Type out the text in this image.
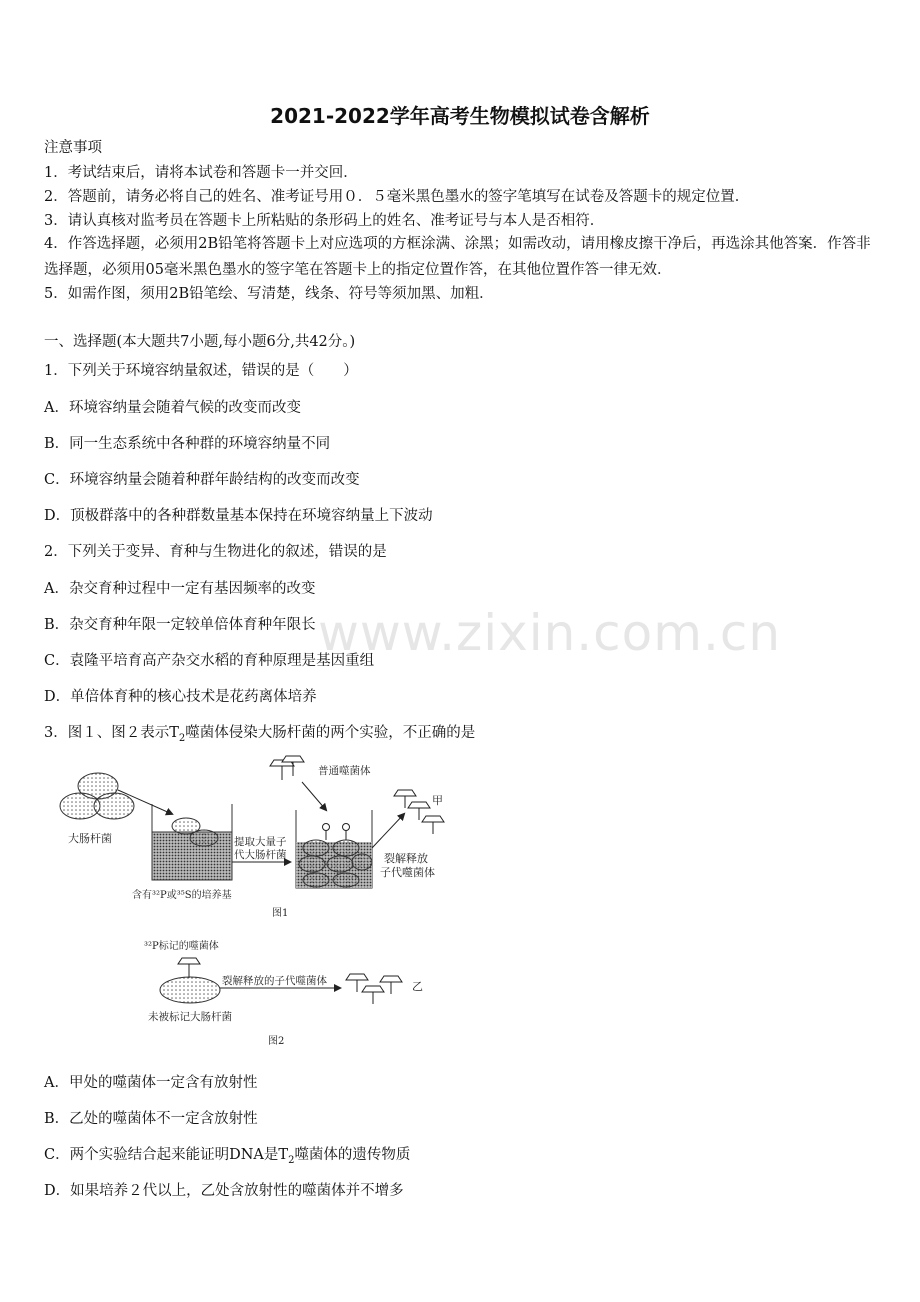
2021-2022学年高考生物模拟试卷含解析
注意事项
1．考试结束后，请将本试卷和答题卡一并交回．
2．答题前，请务必将自己的姓名、准考证号用０．５毫米黑色墨水的签字笔填写在试卷及答题卡的规定位置．
3．请认真核对监考员在答题卡上所粘贴的条形码上的姓名、准考证号与本人是否相符．
4．作答选择题，必须用2B铅笔将答题卡上对应选项的方框涂满、涂黑；如需改动，请用橡皮擦干净后，再选涂其他答案．作答非选择题，必须用05毫米黑色墨水的签字笔在答题卡上的指定位置作答，在其他位置作答一律无效．
5．如需作图，须用2B铅笔绘、写清楚，线条、符号等须加黑、加粗．
一、选择题(本大题共7小题,每小题6分,共42分。)
1．下列关于环境容纳量叙述，错误的是（　　）
A．环境容纳量会随着气候的改变而改变
B．同一生态系统中各种群的环境容纳量不同
C．环境容纳量会随着种群年龄结构的改变而改变
D．顶极群落中的各种群数量基本保持在环境容纳量上下波动
2．下列关于变异、育种与生物进化的叙述，错误的是
A．杂交育种过程中一定有基因频率的改变
B．杂交育种年限一定较单倍体育种年限长
C．袁隆平培育高产杂交水稻的育种原理是基因重组
D．单倍体育种的核心技术是花药离体培养
www.zixin.com.cn
3．图１、图２表示$T_2$噬菌体侵染大肠杆菌的两个实验，不正确的是
大肠杆菌
含有³²P或³⁵S的培养基
提取大量子
代大肠杆菌
普通噬菌体
甲
裂解释放
子代噬菌体
图1
³²P标记的噬菌体
未被标记大肠杆菌
裂解释放的子代噬菌体	乙
图2
A．甲处的噬菌体一定含有放射性
B．乙处的噬菌体不一定含放射性
C．两个实验结合起来能证明DNA是$T_2$噬菌体的遗传物质
D．如果培养２代以上，乙处含放射性的噬菌体并不增多
